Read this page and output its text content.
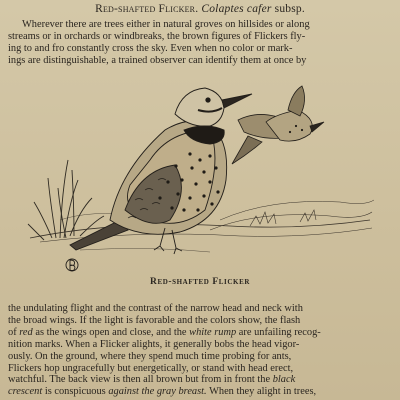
Red-shafted Flicker. Colaptes cafer subsp.
Wherever there are trees either in natural groves on hillsides or along
streams or in orchards or windbreaks, the brown figures of Flickers fly-
ing to and fro constantly cross the sky. Even when no color or mark-
ings are distinguishable, a trained observer can identify them at once by
Red-shafted Flicker
the undulating flight and the contrast of the narrow head and neck with
the broad wings. If the light is favorable and the colors show, the flash
of red as the wings open and close, and the white rump are unfailing recog-
nition marks. When a Flicker alights, it generally bobs the head vigor-
ously. On the ground, where they spend much time probing for ants,
Flickers hop ungracefully but energetically, or stand with head erect,
watchful. The back view is then all brown but from in front the black
crescent is conspicuous against the gray breast. When they alight in trees,
